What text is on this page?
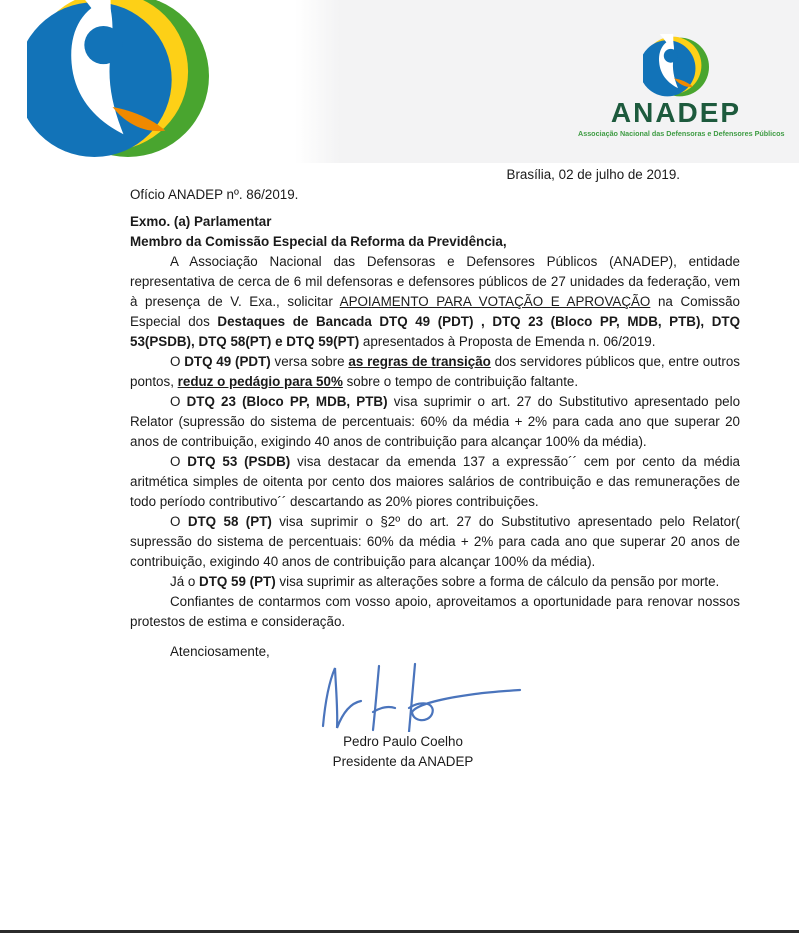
ANADEP
Associação Nacional das Defensoras e Defensores Públicos
Brasília, 02 de julho de 2019.
Ofício ANADEP nº. 86/2019.
Exmo. (a) Parlamentar
Membro da Comissão Especial da Reforma da Previdência,

A Associação Nacional das Defensoras e Defensores Públicos (ANADEP), entidade representativa de cerca de 6 mil defensoras e defensores públicos de 27 unidades da federação, vem à presença de V. Exa., solicitar APOIAMENTO PARA VOTAÇÃO E APROVAÇÃO na Comissão Especial dos Destaques de Bancada DTQ 49 (PDT) , DTQ 23 (Bloco PP, MDB, PTB), DTQ 53(PSDB), DTQ 58(PT) e DTQ 59(PT) apresentados à Proposta de Emenda n. 06/2019.

O DTQ 49 (PDT) versa sobre as regras de transição dos servidores públicos que, entre outros pontos, reduz o pedágio para 50% sobre o tempo de contribuição faltante.

O DTQ 23 (Bloco PP, MDB, PTB) visa suprimir o art. 27 do Substitutivo apresentado pelo Relator (supressão do sistema de percentuais: 60% da média + 2% para cada ano que superar 20 anos de contribuição, exigindo 40 anos de contribuição para alcançar 100% da média).

O DTQ 53 (PSDB) visa destacar da emenda 137 a expressão´´ cem por cento da média aritmética simples de oitenta por cento dos maiores salários de contribuição e das remunerações de todo período contributivo´´ descartando as 20% piores contribuições.

O DTQ 58 (PT) visa suprimir o §2º do art. 27 do Substitutivo apresentado pelo Relator( supressão do sistema de percentuais: 60% da média + 2% para cada ano que superar 20 anos de contribuição, exigindo 40 anos de contribuição para alcançar 100% da média).

Já o DTQ 59 (PT) visa suprimir as alterações sobre a forma de cálculo da pensão por morte.

Confiantes de contarmos com vosso apoio, aproveitamos a oportunidade para renovar nossos protestos de estima e consideração.

Atenciosamente,
Pedro Paulo Coelho
Presidente da ANADEP
